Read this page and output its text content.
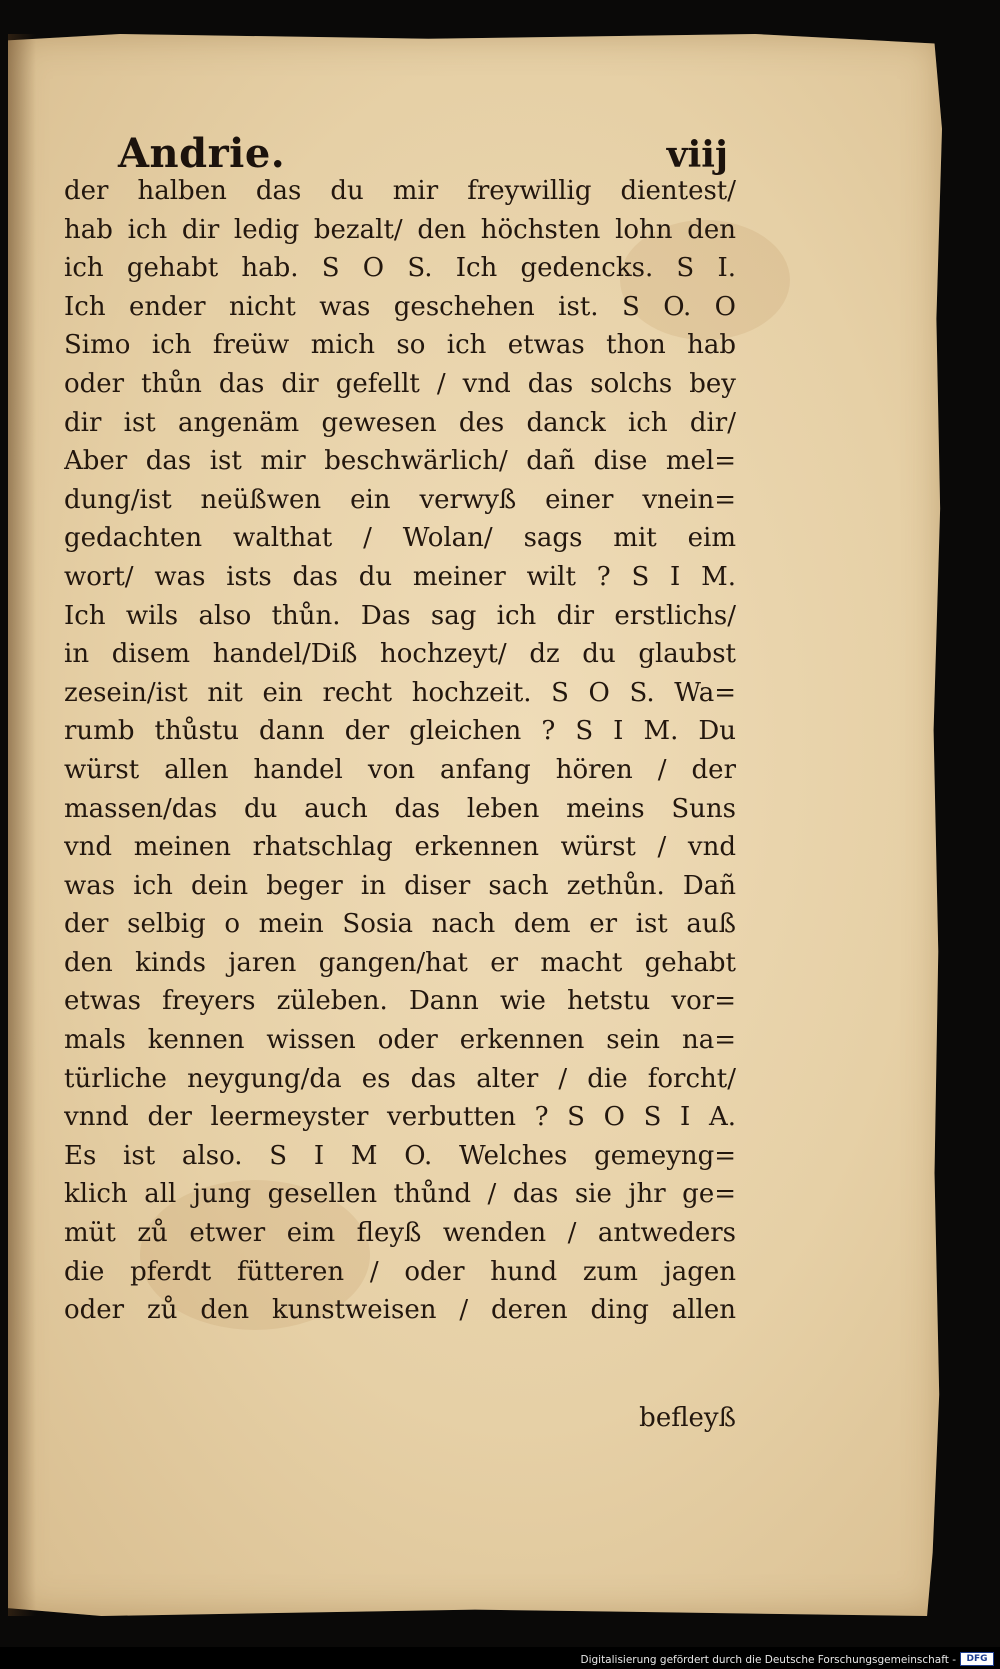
Andrie.	viij
der halben das du mir freywillig dientest/
hab ich dir ledig bezalt/ den höchsten lohn den
ich gehabt hab. S O S. Ich gedencks. S I.
Ich ender nicht was geschehen ist. S O. O
Simo ich freüw mich so ich etwas thon hab
oder thůn das dir gefellt / vnd das solchs bey
dir ist angenäm gewesen des danck ich dir/
Aber das ist mir beschwärlich/ dañ dise mel=
dung/ist neüßwen ein verwyß einer vnein=
gedachten walthat / Wolan/ sags mit eim
wort/ was ists das du meiner wilt ? S I M.
Ich wils also thůn. Das sag ich dir erstlichs/
in disem handel/Diß hochzeyt/ dz du glaubst
zesein/ist nit ein recht hochzeit. S O S. Wa=
rumb thůstu dann der gleichen ? S I M. Du
würst allen handel von anfang hören / der
massen/das du auch das leben meins Suns
vnd meinen rhatschlag erkennen würst / vnd
was ich dein beger in diser sach zethůn. Dañ
der selbig o mein Sosia nach dem er ist auß
den kinds jaren gangen/hat er macht gehabt
etwas freyers züleben. Dann wie hetstu vor=
mals kennen wissen oder erkennen sein na=
türliche neygung/da es das alter / die forcht/
vnnd der leermeyster verbutten ? S O S I A.
Es ist also. S I M O. Welches gemeyng=
klich all jung gesellen thůnd / das sie jhr ge=
müt zů etwer eim fleyß wenden / antweders
die pferdt fütteren / oder hund zum jagen
oder zů den kunstweisen / deren ding allen
befleyß
Digitalisierung gefördert durch die Deutsche Forschungsgemeinschaft -	DFG
